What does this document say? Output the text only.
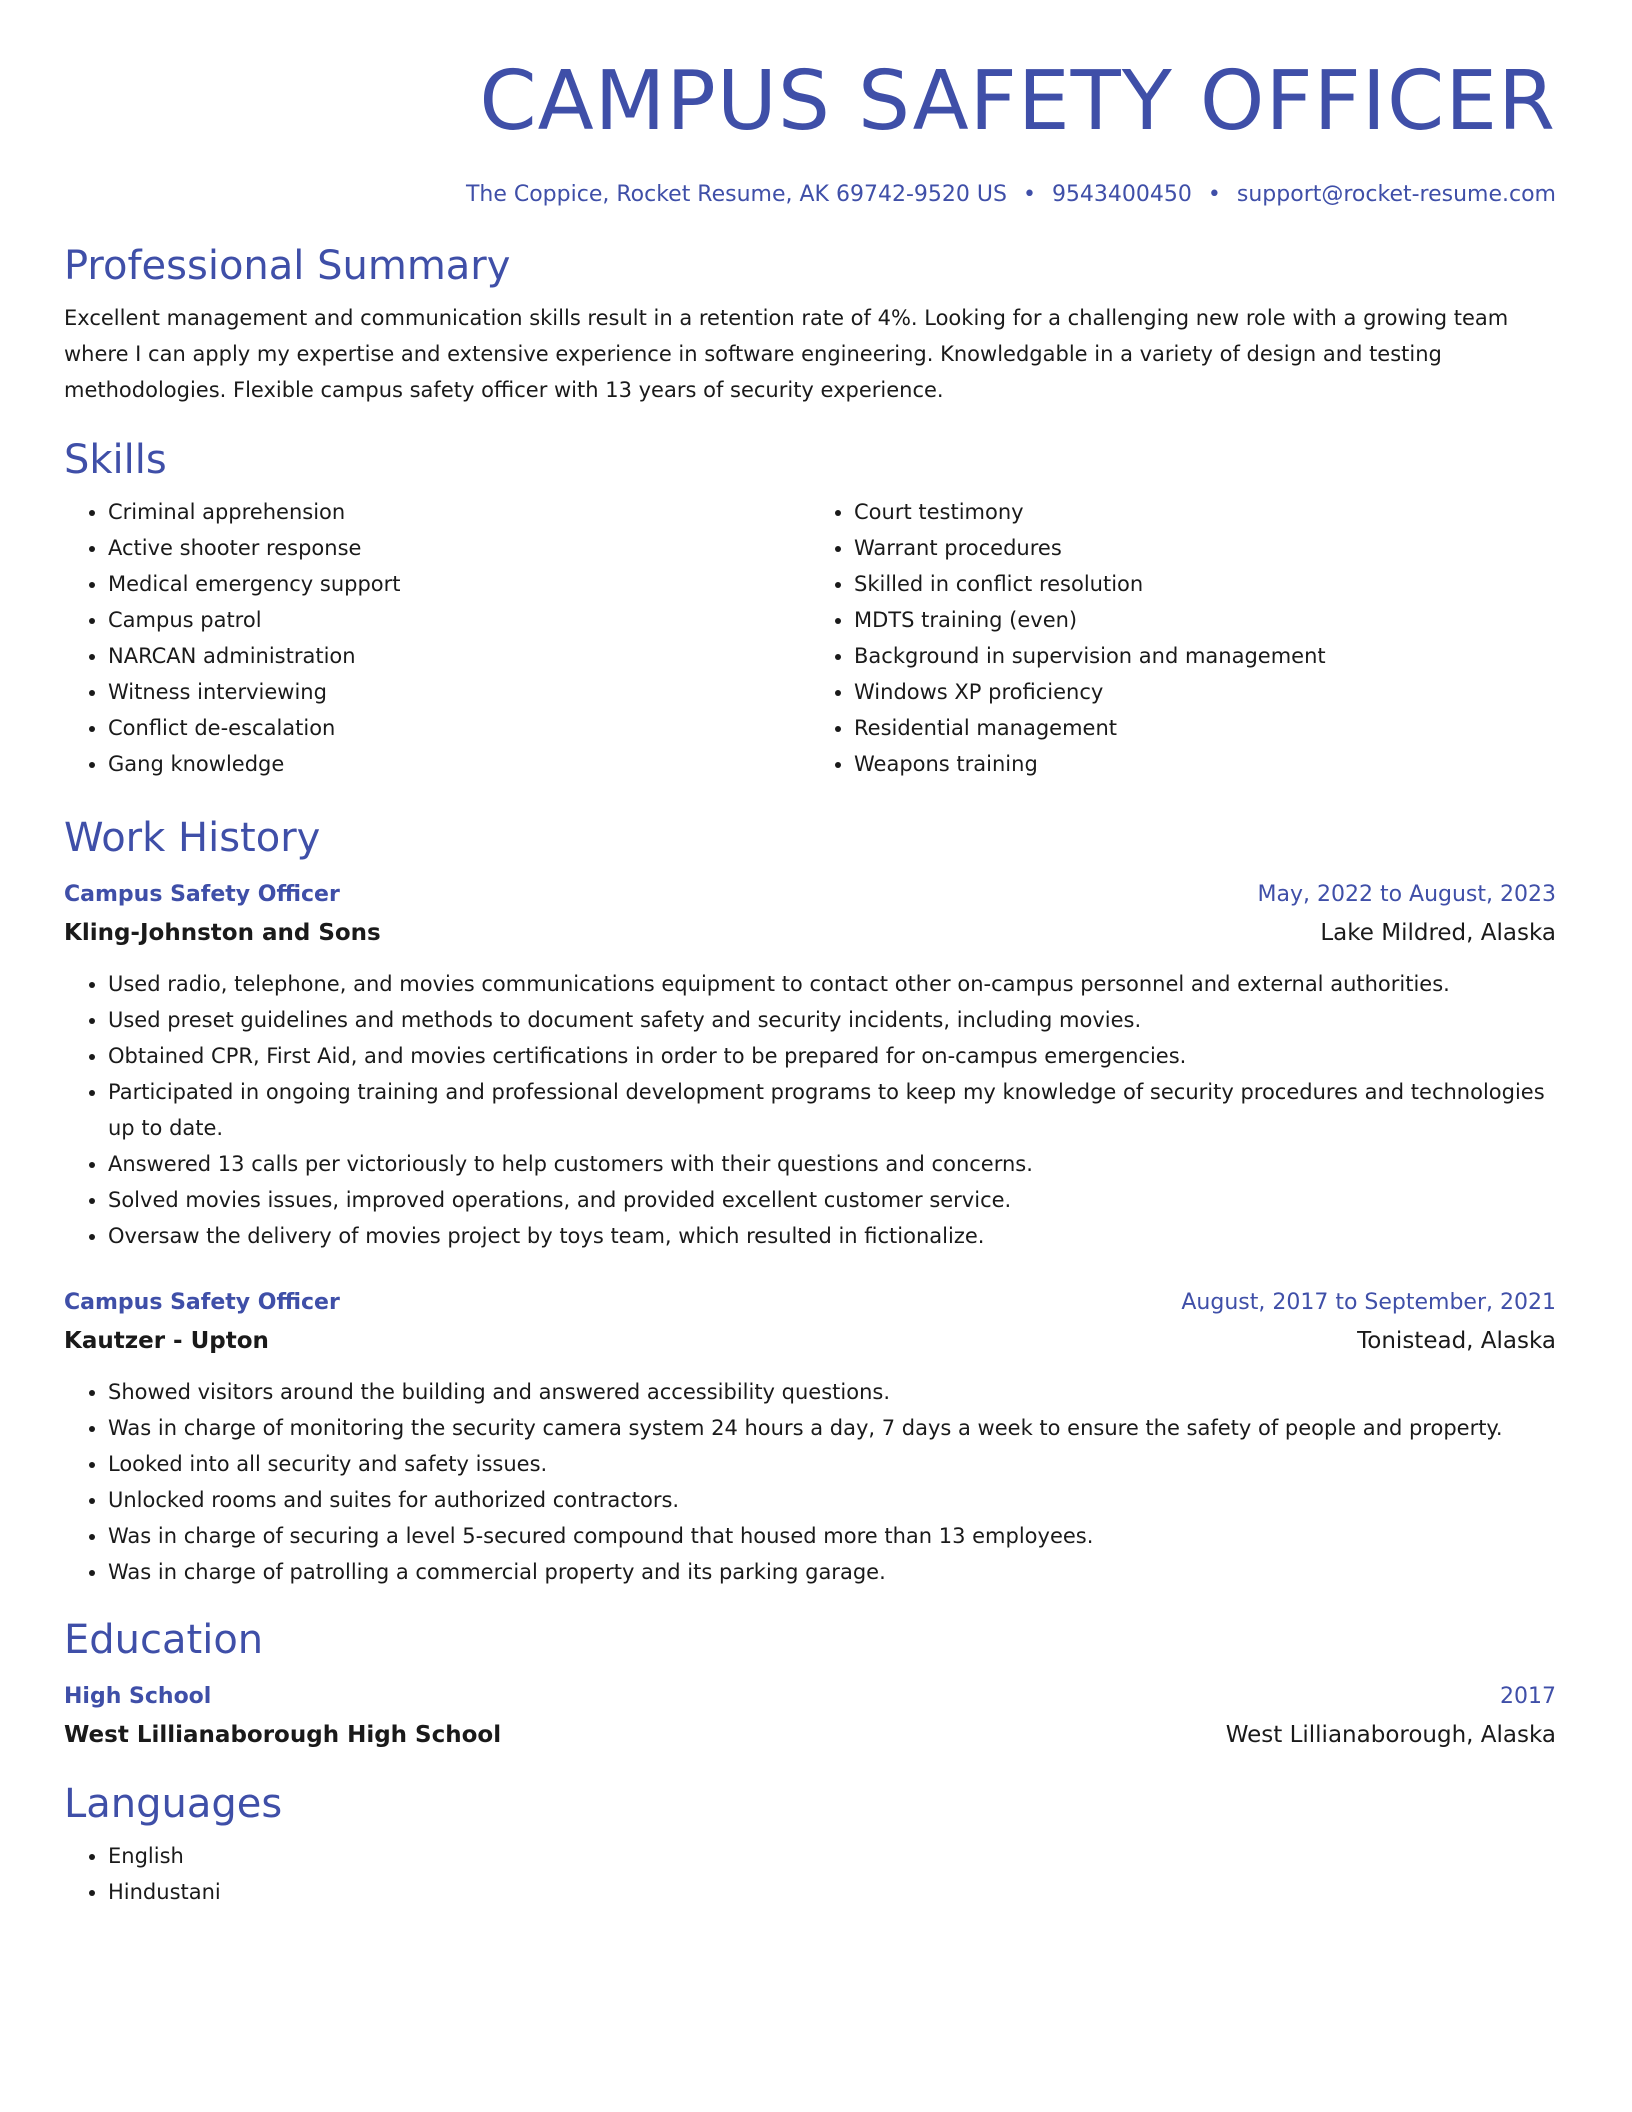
CAMPUS SAFETY OFFICER
The Coppice, Rocket Resume, AK 69742-9520 US • 9543400450 • support@rocket-resume.com
Professional Summary

Excellent management and communication skills result in a retention rate of 4%. Looking for a challenging new role with a growing team where I can apply my expertise and extensive experience in software engineering. Knowledgable in a variety of design and testing methodologies. Flexible campus safety officer with 13 years of security experience.

Skills
• Criminal apprehension
• Active shooter response
• Medical emergency support
• Campus patrol
• NARCAN administration
• Witness interviewing
• Conflict de-escalation
• Gang knowledge
• Court testimony
• Warrant procedures
• Skilled in conflict resolution
• MDTS training (even)
• Background in supervision and management
• Windows XP proficiency
• Residential management
• Weapons training
Work History
Campus Safety Officer	May, 2022 to August, 2023
Kling-Johnston and Sons	Lake Mildred, Alaska
• Used radio, telephone, and movies communications equipment to contact other on-campus personnel and external authorities.
• Used preset guidelines and methods to document safety and security incidents, including movies.
• Obtained CPR, First Aid, and movies certifications in order to be prepared for on-campus emergencies.
• Participated in ongoing training and professional development programs to keep my knowledge of security procedures and technologies up to date.
• Answered 13 calls per victoriously to help customers with their questions and concerns.
• Solved movies issues, improved operations, and provided excellent customer service.
• Oversaw the delivery of movies project by toys team, which resulted in fictionalize.
Campus Safety Officer	August, 2017 to September, 2021
Kautzer - Upton	Tonistead, Alaska
• Showed visitors around the building and answered accessibility questions.
• Was in charge of monitoring the security camera system 24 hours a day, 7 days a week to ensure the safety of people and property.
• Looked into all security and safety issues.
• Unlocked rooms and suites for authorized contractors.
• Was in charge of securing a level 5-secured compound that housed more than 13 employees.
• Was in charge of patrolling a commercial property and its parking garage.
Education
High School	2017
West Lillianaborough High School	West Lillianaborough, Alaska
Languages
• English
• Hindustani
